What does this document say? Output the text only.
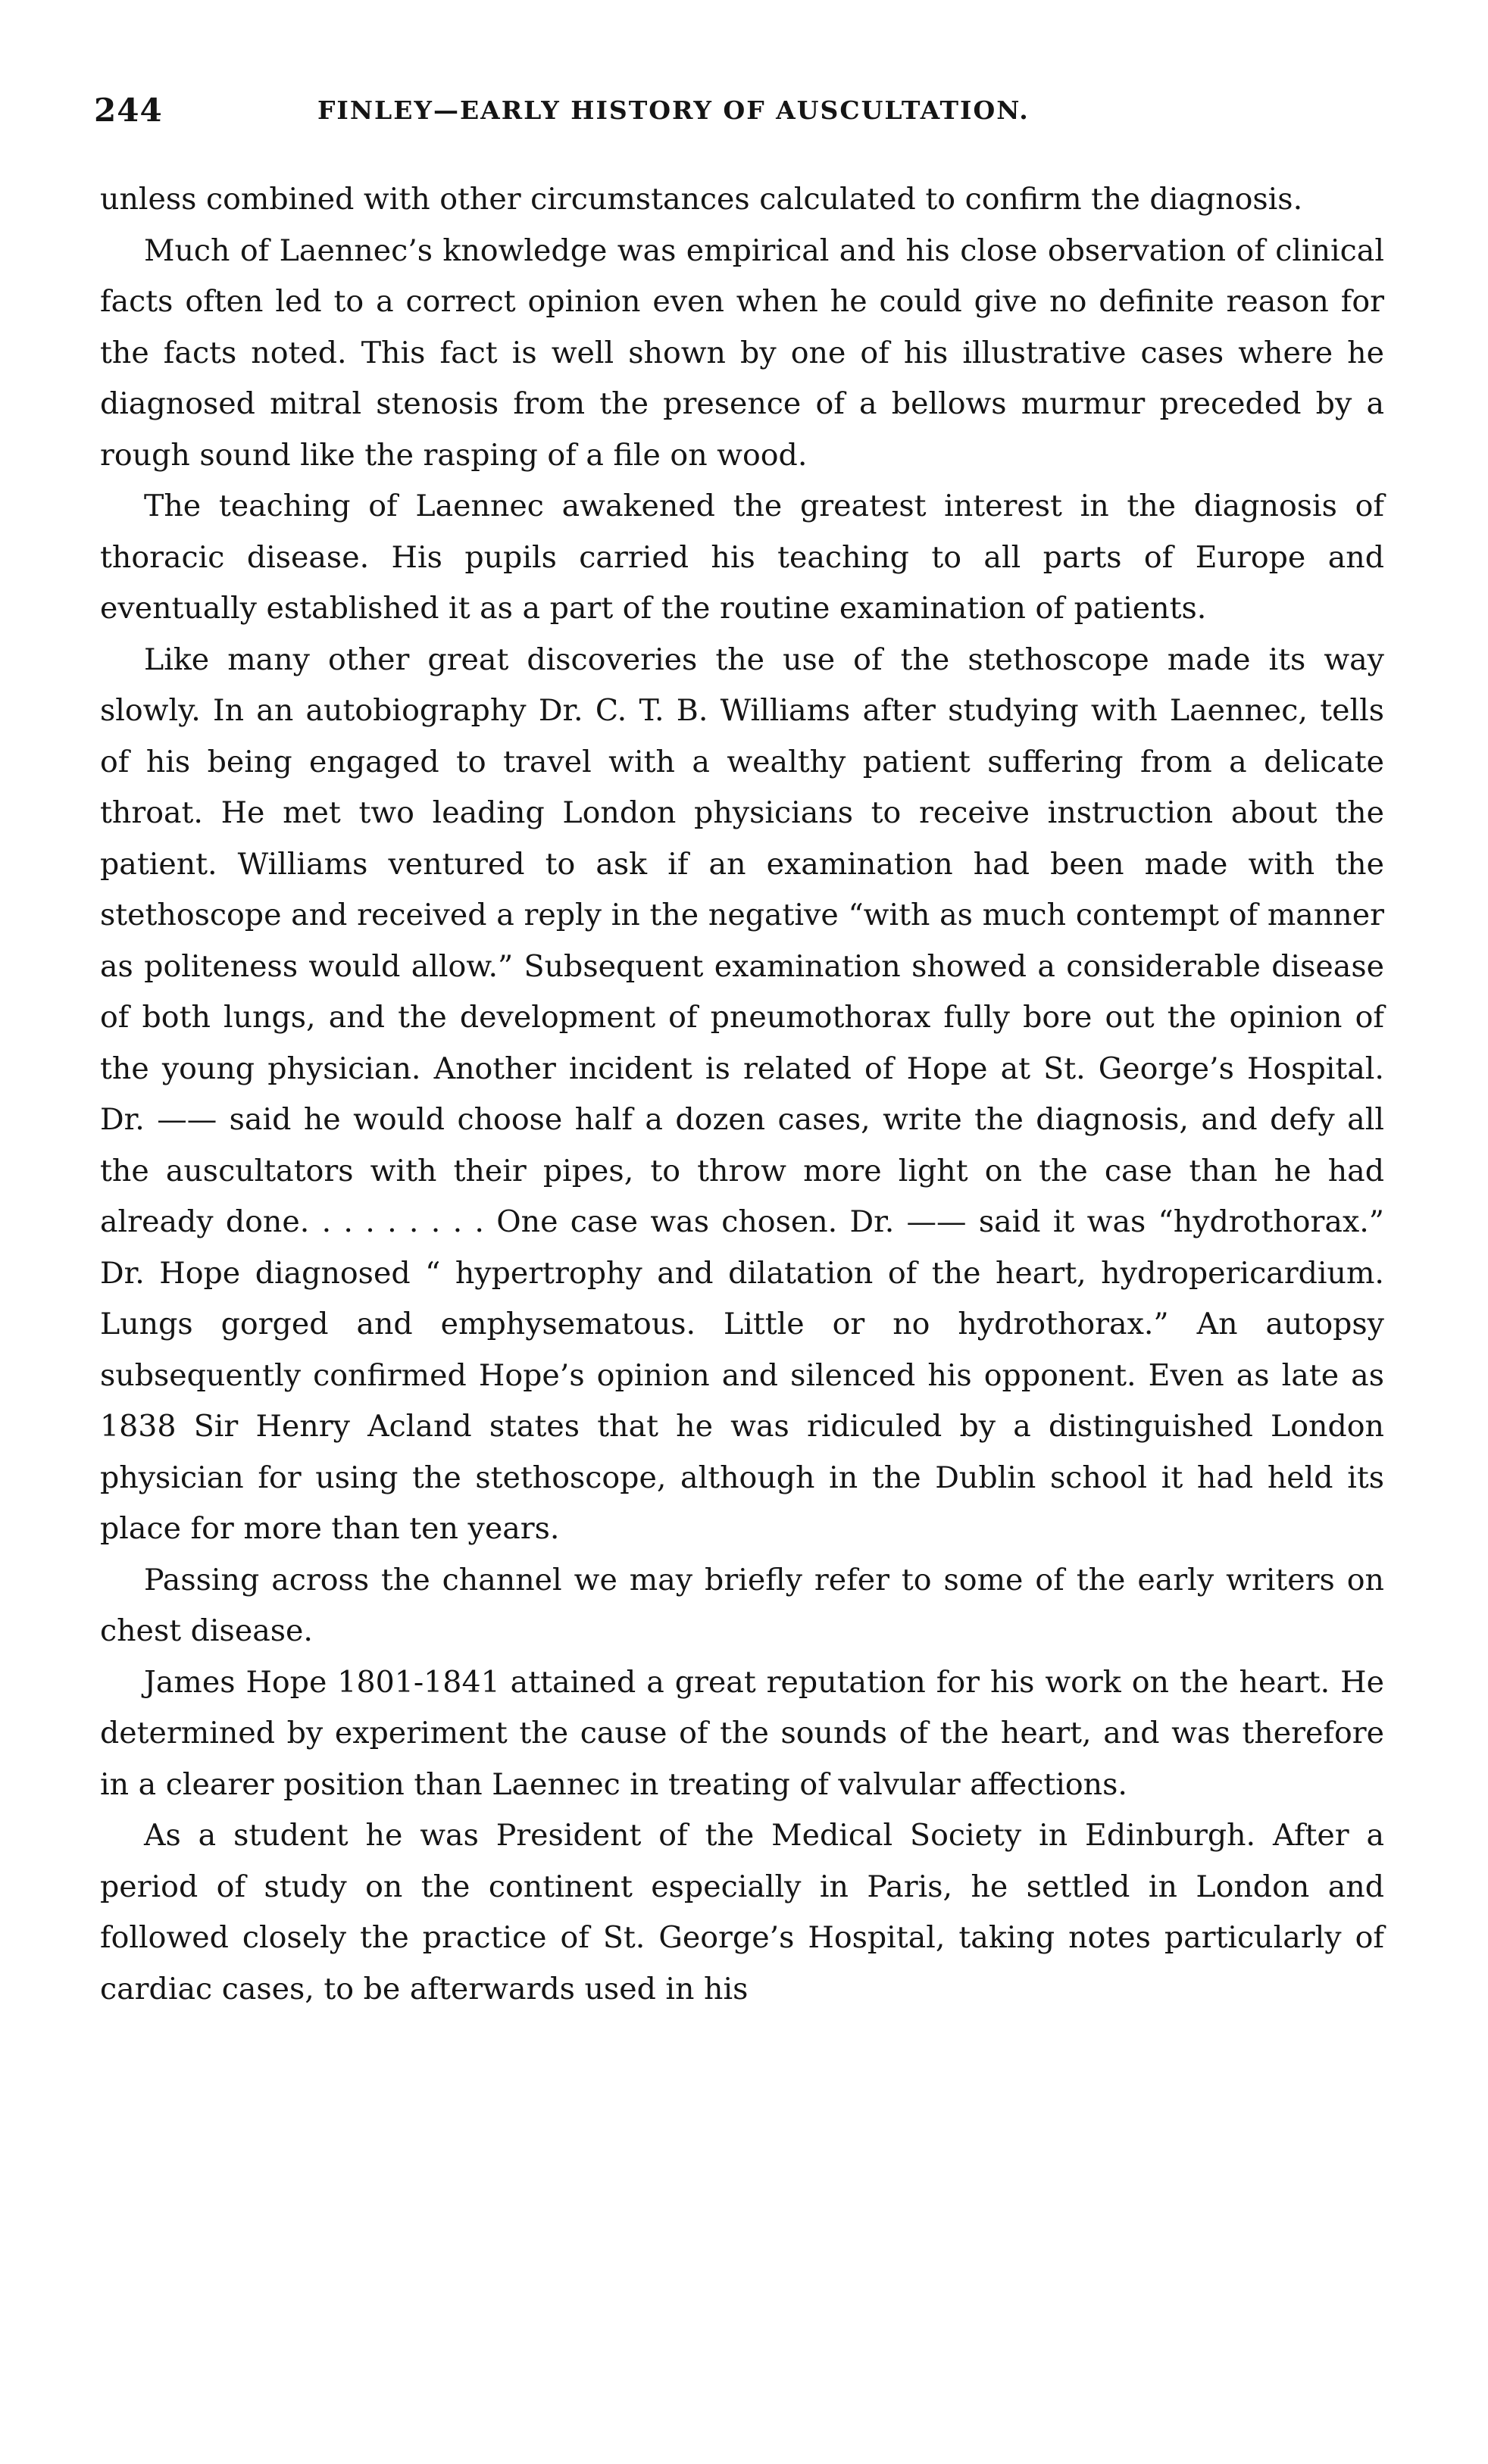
244	FINLEY—EARLY HISTORY OF AUSCULTATION.

unless combined with other circumstances calculated to confirm the diagnosis.

Much of Laennec’s knowledge was empirical and his close observation of clinical facts often led to a correct opinion even when he could give no definite reason for the facts noted. This fact is well shown by one of his illustrative cases where he diagnosed mitral stenosis from the presence of a bellows murmur preceded by a rough sound like the rasping of a file on wood.

The teaching of Laennec awakened the greatest interest in the diagnosis of thoracic disease. His pupils carried his teaching to all parts of Europe and eventually established it as a part of the routine examination of patients.

Like many other great discoveries the use of the stethoscope made its way slowly. In an autobiography Dr. C. T. B. Williams after studying with Laennec, tells of his being engaged to travel with a wealthy patient suffering from a delicate throat. He met two leading London physicians to receive instruction about the patient. Williams ventured to ask if an examination had been made with the stethoscope and received a reply in the negative “with as much contempt of manner as politeness would allow.” Subsequent examination showed a considerable disease of both lungs, and the development of pneumothorax fully bore out the opinion of the young physician. Another incident is related of Hope at St. George’s Hospital. Dr. —— said he would choose half a dozen cases, write the diagnosis, and defy all the auscultators with their pipes, to throw more light on the case than he had already done. . . . . . . . . One case was chosen. Dr. —— said it was “hydrothorax.” Dr. Hope diagnosed “ hypertrophy and dilatation of the heart, hydropericardium. Lungs gorged and emphysematous. Little or no hydrothorax.” An autopsy subsequently confirmed Hope’s opinion and silenced his opponent. Even as late as 1838 Sir Henry Acland states that he was ridiculed by a distinguished London physician for using the stethoscope, although in the Dublin school it had held its place for more than ten years.

Passing across the channel we may briefly refer to some of the early writers on chest disease.

James Hope 1801-1841 attained a great reputation for his work on the heart. He determined by experiment the cause of the sounds of the heart, and was therefore in a clearer position than Laennec in treating of valvular affections.

As a student he was President of the Medical Society in Edinburgh. After a period of study on the continent especially in Paris, he settled in London and followed closely the practice of St. George’s Hospital, taking notes particularly of cardiac cases, to be afterwards used in his
